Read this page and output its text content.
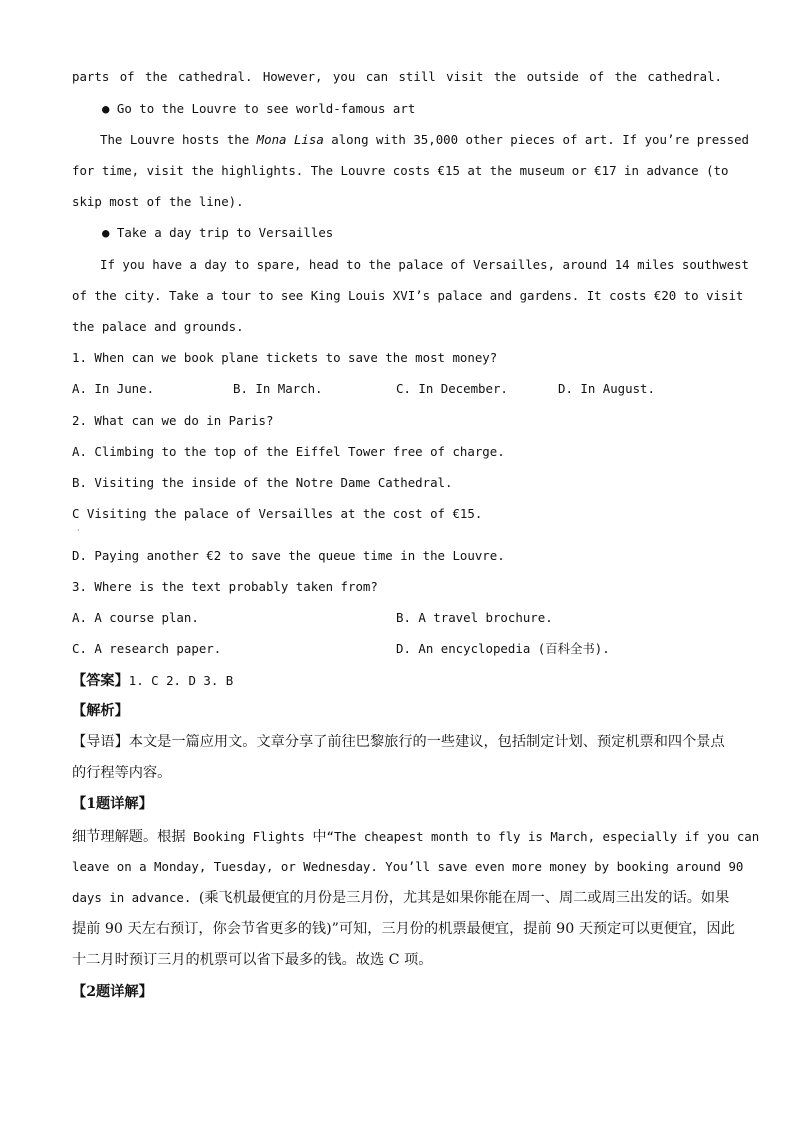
parts of the cathedral. However, you can still visit the outside of the cathedral.
● Go to the Louvre to see world-famous art
The Louvre hosts the Mona Lisa along with 35,000 other pieces of art. If you’re pressed
for time, visit the highlights. The Louvre costs €15 at the museum or €17 in advance (to
skip most of the line).
● Take a day trip to Versailles
If you have a day to spare, head to the palace of Versailles, around 14 miles southwest
of the city. Take a tour to see King Louis XVI’s palace and gardens. It costs €20 to visit
the palace and grounds.
1. When can we book plane tickets to save the most money?
A. In June.	B. In March.	C. In December.	D. In August.
2. What can we do in Paris?
A. Climbing to the top of the Eiffel Tower free of charge.
B. Visiting the inside of the Notre Dame Cathedral.
C Visiting the palace of Versailles at the cost of €15.
·
D. Paying another €2 to save the queue time in the Louvre.
3. Where is the text probably taken from?
A. A course plan.	B. A travel brochure.
C. A research paper.	D. An encyclopedia (百科全书).
【答案】1. C 2. D 3. B
【解析】
【导语】本文是一篇应用文。文章分享了前往巴黎旅行的一些建议，包括制定计划、预定机票和四个景点
的行程等内容。
【1题详解】
细节理解题。根据 Booking Flights 中“The cheapest month to fly is March, especially if you can
leave on a Monday, Tuesday, or Wednesday. You’ll save even more money by booking around 90
days in advance. (乘飞机最便宜的月份是三月份，尤其是如果你能在周一、周二或周三出发的话。如果
提前 90 天左右预订，你会节省更多的钱)”可知，三月份的机票最便宜，提前 90 天预定可以更便宜，因此
十二月时预订三月的机票可以省下最多的钱。故选 C 项。
【2题详解】
